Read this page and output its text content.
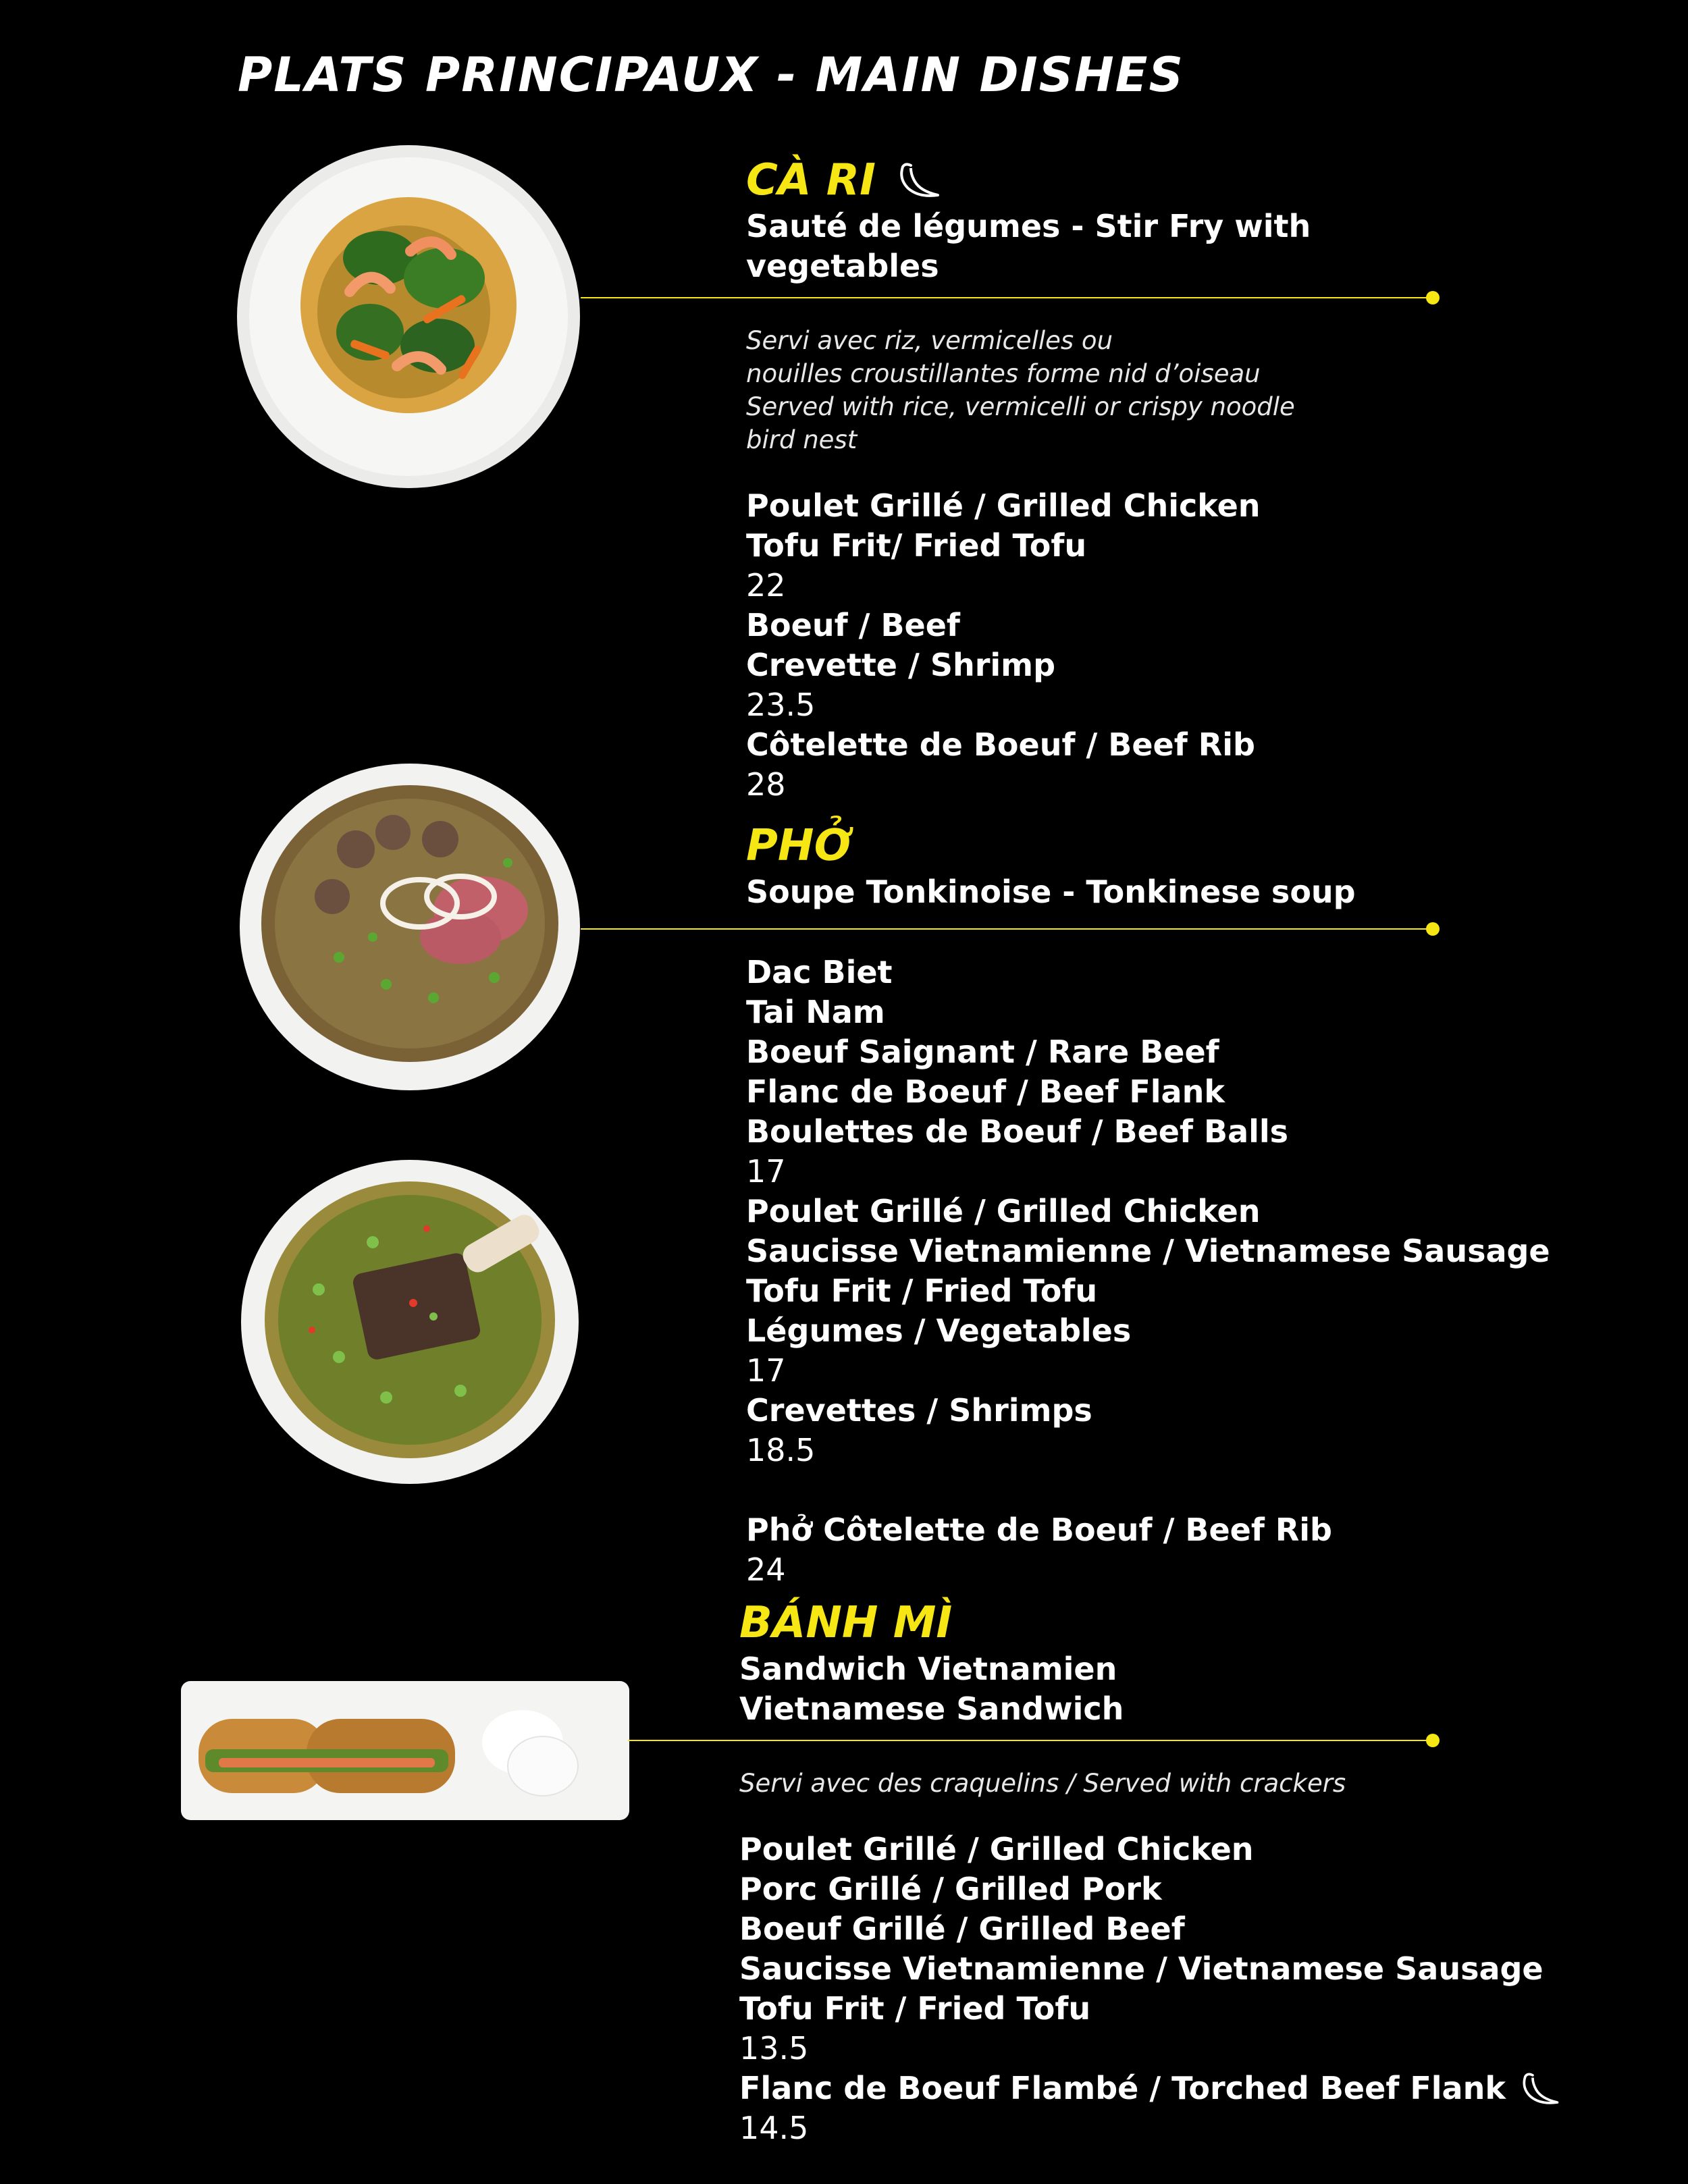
PLATS PRINCIPAUX - MAIN DISHES
CÀ RI
Sauté de légumes - Stir Fry with
vegetables
Servi avec riz, vermicelles ou
nouilles croustillantes forme nid d’oiseau
Served with rice, vermicelli or crispy noodle
bird nest
Poulet Grillé / Grilled Chicken
Tofu Frit/ Fried Tofu
22
Boeuf / Beef
Crevette / Shrimp
23.5
Côtelette de Boeuf / Beef Rib
28
PHỞ
Soupe Tonkinoise - Tonkinese soup
Dac Biet
Tai Nam
Boeuf Saignant / Rare Beef
Flanc de Boeuf / Beef Flank
Boulettes de Boeuf / Beef Balls
17
Poulet Grillé / Grilled Chicken
Saucisse Vietnamienne / Vietnamese Sausage
Tofu Frit / Fried Tofu
Légumes / Vegetables
17
Crevettes / Shrimps
18.5
Phở Côtelette de Boeuf / Beef Rib
24
BÁNH MÌ
Sandwich Vietnamien
Vietnamese Sandwich
Servi avec des craquelins / Served with crackers
Poulet Grillé / Grilled Chicken
Porc Grillé / Grilled Pork
Boeuf Grillé / Grilled Beef
Saucisse Vietnamienne / Vietnamese Sausage
Tofu Frit / Fried Tofu
13.5
Flanc de Boeuf Flambé / Torched Beef Flank
14.5
